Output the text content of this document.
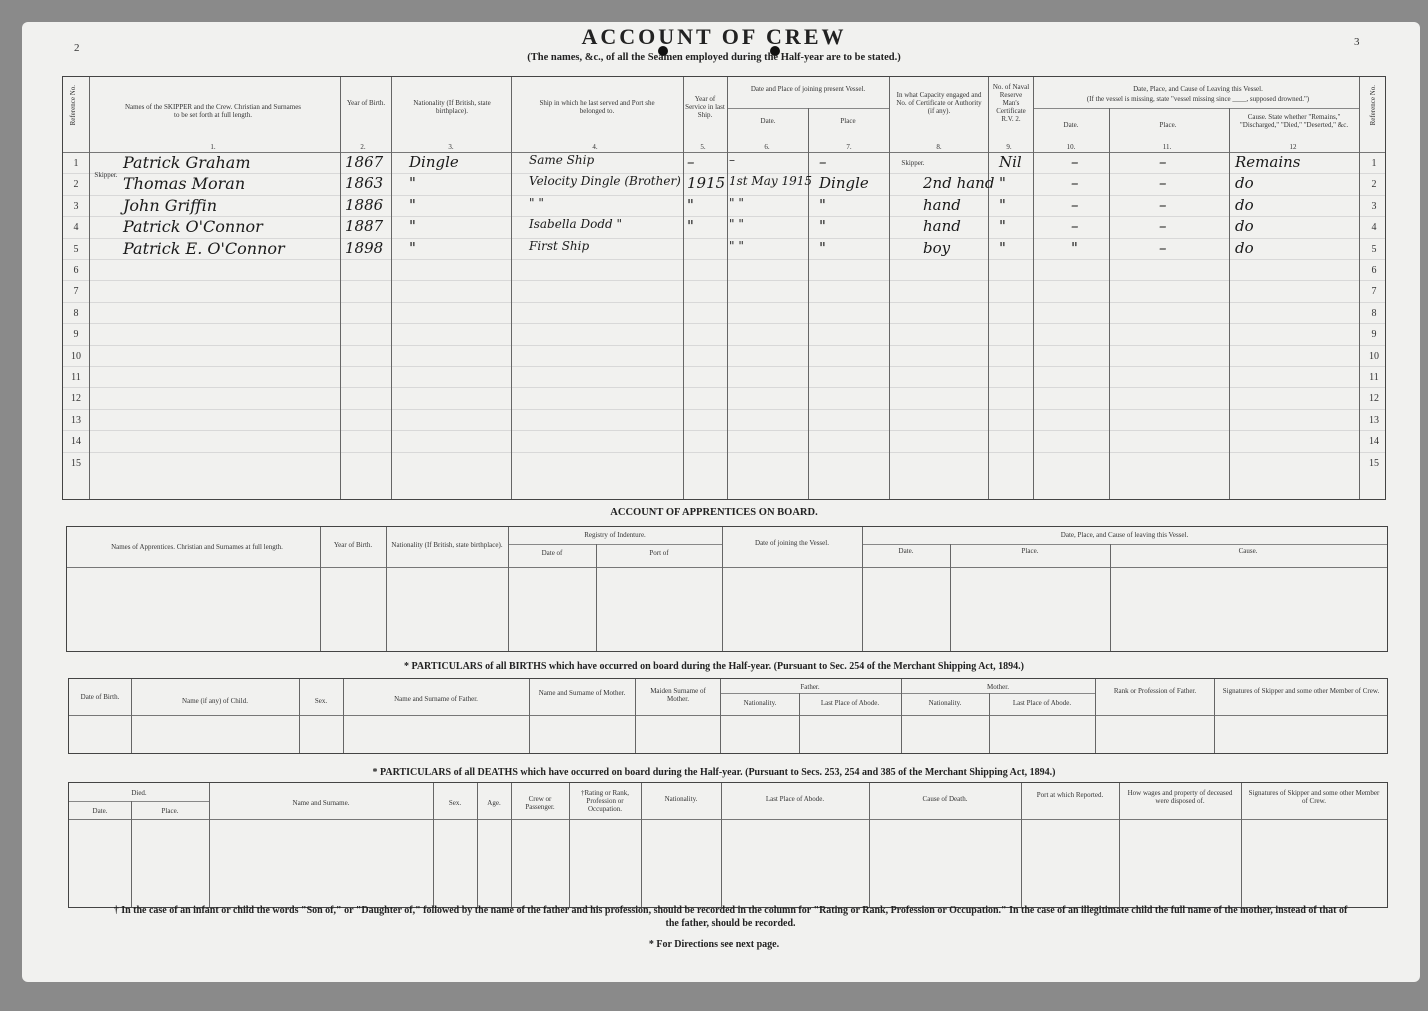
2	3
ACCOUNT OF CREW
(The names, &c., of all the Seamen employed during the Half-year are to be stated.)
Reference No.	Reference No.
Names of the SKIPPER and the Crew. Christian and Surnames to be set forth at full length.
Year of Birth.	Nationality (If British, state birthplace).
Ship in which he last served and Port she belonged to.
Year of Service in last Ship.
Date and Place of joining present Vessel.
Date.	Place
In what Capacity engaged and No. of Certificate or Authority (if any).
No. of Naval Reserve Man's Certificate R.V. 2.
Date, Place, and Cause of Leaving this Vessel.
(If the vessel is missing, state "vessel missing since ____, supposed drowned.")
Date.	Place.
Cause. State whether "Remains," "Discharged," "Died," "Deserted," &c.
1.	2.	3.	4.	5.	6.	7.	8.	9.	10.	11.	12
1	1
2	2
3	3
4	4
5	5
6	6
7	7
8	8
9	9
10	10
11	11
12	12
13	13
14	14
15	15
Skipper.
Skipper.
Patrick Graham	1867 Dingle	Same Ship	–	–	–	Nil	–	–	Remains
Thomas Moran	1863 "	Velocity Dingle (Brother) 1915 1st May 1915 Dingle	2nd hand "	–	–	do
John Griffin	1886 "	" "	"	" "	"	hand	"	–	–	do
Patrick O'Connor	1887 "	Isabella Dodd "	"	" "	"	hand	"	–	–	do
Patrick E. O'Connor	1898 "	First Ship	" "	"	boy	"	"	–	do
ACCOUNT OF APPRENTICES ON BOARD.
Names of Apprentices. Christian and Surnames at full length.	Year of Birth.	Nationality (If British, state birthplace).
Registry of Indenture.
Date of	Port of
Date of joining the Vessel.
Date, Place, and Cause of leaving this Vessel.
Date.	Place.	Cause.
* PARTICULARS of all BIRTHS which have occurred on board during the Half-year. (Pursuant to Sec. 254 of the Merchant Shipping Act, 1894.)
Date of Birth.	Name (if any) of Child.	Sex.	Name and Surname of Father.
Name and Surname of Mother.	Maiden Surname of Mother.
Father.	Mother.
Nationality.	Last Place of Abode.	Nationality.	Last Place of Abode.
Rank or Profession of Father.	Signatures of Skipper and some other Member of Crew.
* PARTICULARS of all DEATHS which have occurred on board during the Half-year. (Pursuant to Secs. 253, 254 and 385 of the Merchant Shipping Act, 1894.)
Died.
Date.	Place.
Name and Surname.	Sex.	Age.	Crew or Passenger.
†Rating or Rank, Profession or Occupation.
Nationality.	Last Place of Abode.	Cause of Death.	Port at which Reported.	How wages and property of deceased were disposed of.
Signatures of Skipper and some other Member of Crew.
† In the case of an infant or child the words "Son of," or "Daughter of," followed by the name of the father and his profession, should be recorded in the column for "Rating or Rank, Profession or Occupation." In the case of an illegitimate child the full name of the mother, instead of that of the father, should be recorded.
* For Directions see next page.
